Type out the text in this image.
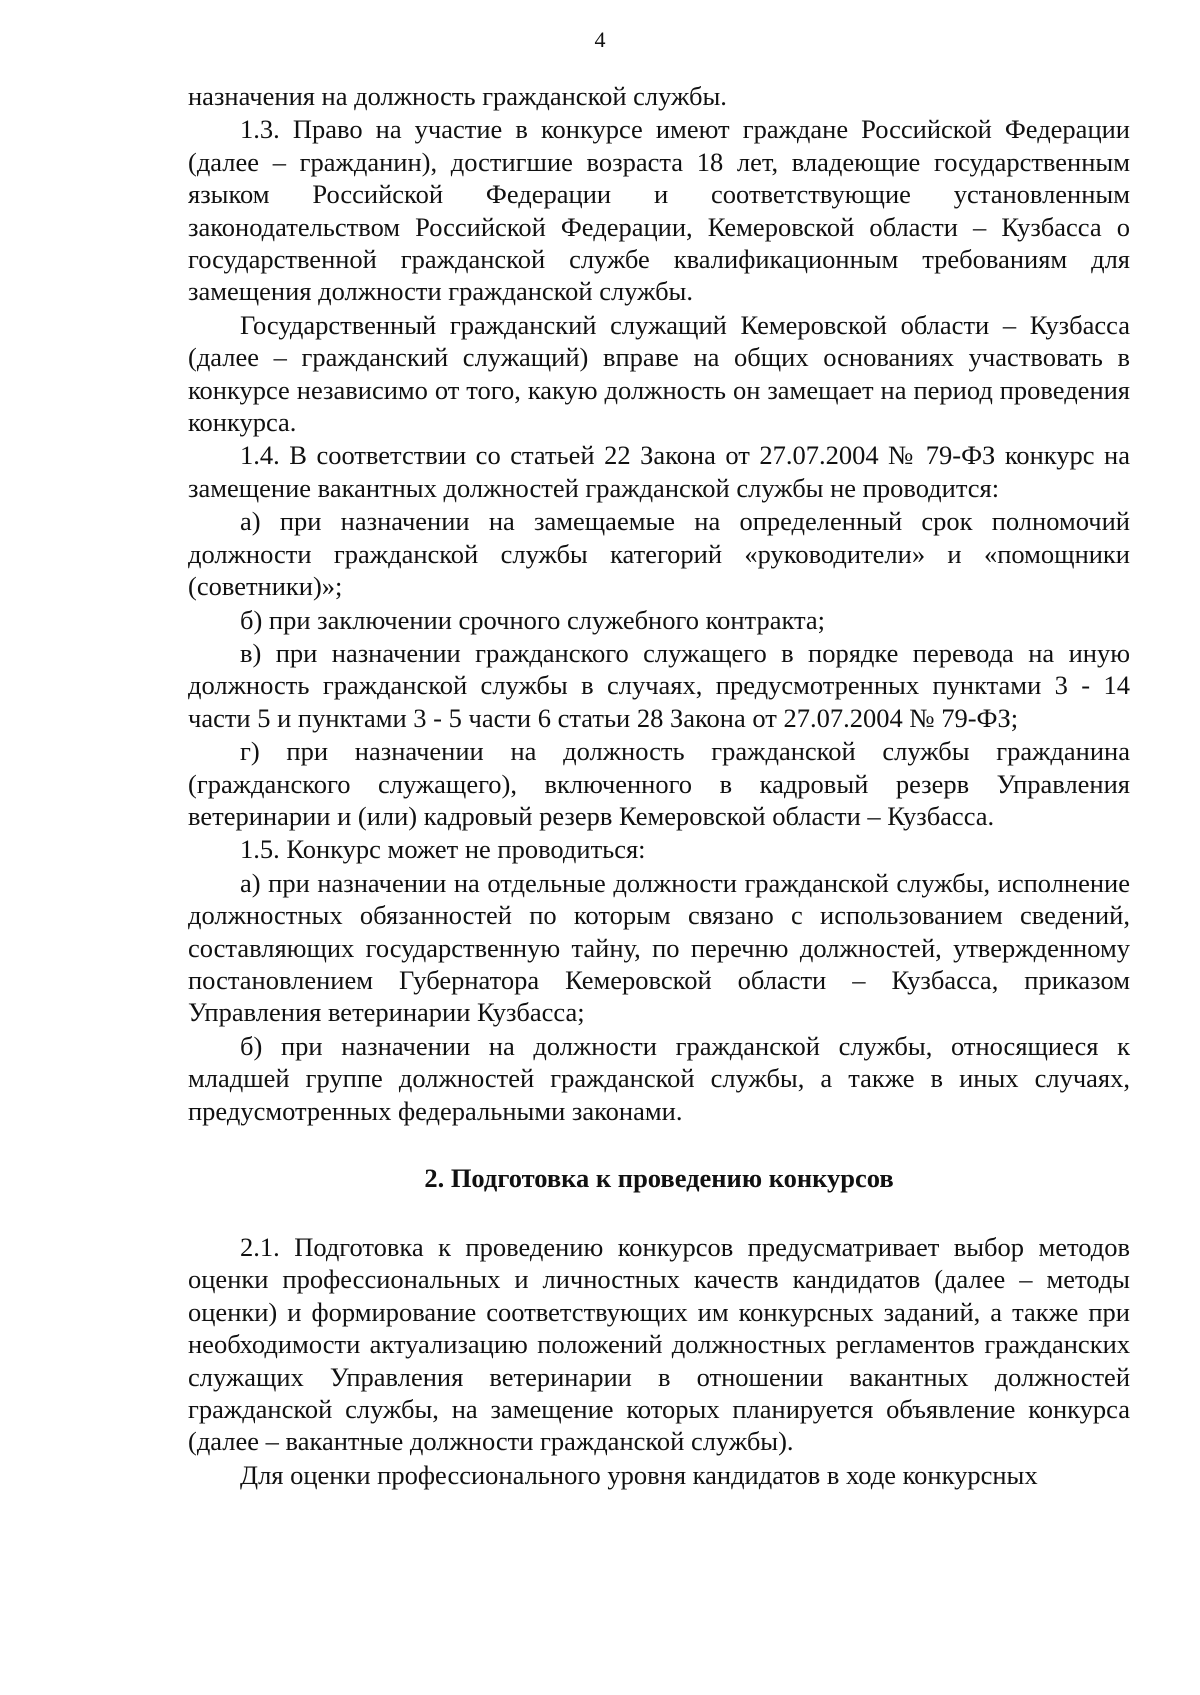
4

назначения на должность гражданской службы.

1.3. Право на участие в конкурсе имеют граждане Российской Федерации (далее – гражданин), достигшие возраста 18 лет, владеющие государственным языком Российской Федерации и соответствующие установленным законодательством Российской Федерации, Кемеровской области – Кузбасса о государственной гражданской службе квалификационным требованиям для замещения должности гражданской службы.

Государственный гражданский служащий Кемеровской области – Кузбасса (далее – гражданский служащий) вправе на общих основаниях участвовать в конкурсе независимо от того, какую должность он замещает на период проведения конкурса.

1.4. В соответствии со статьей 22 Закона от 27.07.2004 № 79-ФЗ конкурс на замещение вакантных должностей гражданской службы не проводится:

а) при назначении на замещаемые на определенный срок полномочий должности гражданской службы категорий «руководители» и «помощники (советники)»;

б) при заключении срочного служебного контракта;

в) при назначении гражданского служащего в порядке перевода на иную должность гражданской службы в случаях, предусмотренных пунктами 3 - 14 части 5 и пунктами 3 - 5 части 6 статьи 28 Закона от 27.07.2004 № 79-ФЗ;

г) при назначении на должность гражданской службы гражданина (гражданского служащего), включенного в кадровый резерв Управления ветеринарии и (или) кадровый резерв Кемеровской области – Кузбасса.

1.5. Конкурс может не проводиться:

а) при назначении на отдельные должности гражданской службы, исполнение должностных обязанностей по которым связано с использованием сведений, составляющих государственную тайну, по перечню должностей, утвержденному постановлением Губернатора Кемеровской области – Кузбасса, приказом Управления ветеринарии Кузбасса;

б) при назначении на должности гражданской службы, относящиеся к младшей группе должностей гражданской службы, а также в иных случаях, предусмотренных федеральными законами.

2. Подготовка к проведению конкурсов

2.1. Подготовка к проведению конкурсов предусматривает выбор методов оценки профессиональных и личностных качеств кандидатов (далее – методы оценки) и формирование соответствующих им конкурсных заданий, а также при необходимости актуализацию положений должностных регламентов гражданских служащих Управления ветеринарии в отношении вакантных должностей гражданской службы, на замещение которых планируется объявление конкурса (далее – вакантные должности гражданской службы).

Для оценки профессионального уровня кандидатов в ходе конкурсных
